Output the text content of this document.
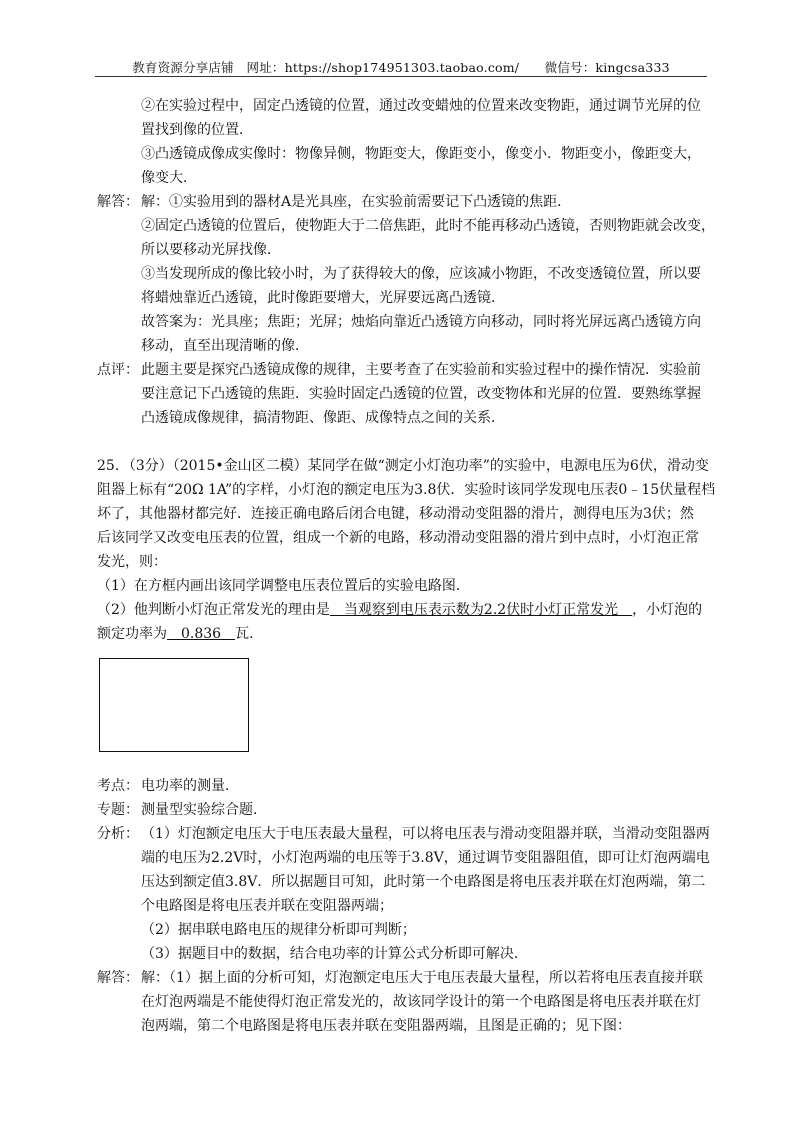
教育资源分享店铺　网址：https://shop174951303.taobao.com/　　微信号：kingcsa333
②在实验过程中，固定凸透镜的位置，通过改变蜡烛的位置来改变物距，通过调节光屏的位
置找到像的位置．
③凸透镜成像成实像时：物像异侧，物距变大，像距变小，像变小．物距变小，像距变大，
像变大．
解答： 解：①实验用到的器材A是光具座，在实验前需要记下凸透镜的焦距．
②固定凸透镜的位置后，使物距大于二倍焦距，此时不能再移动凸透镜，否则物距就会改变，
所以要移动光屏找像．
③当发现所成的像比较小时，为了获得较大的像，应该减小物距，不改变透镜位置，所以要
将蜡烛靠近凸透镜，此时像距要增大，光屏要远离凸透镜．
故答案为：光具座；焦距；光屏；烛焰向靠近凸透镜方向移动，同时将光屏远离凸透镜方向
移动，直至出现清晰的像．
点评： 此题主要是探究凸透镜成像的规律，主要考查了在实验前和实验过程中的操作情况．实验前
要注意记下凸透镜的焦距．实验时固定凸透镜的位置，改变物体和光屏的位置．要熟练掌握
凸透镜成像规律，搞清物距、像距、成像特点之间的关系．
25．（3分）（2015•金山区二模）某同学在做“测定小灯泡功率”的实验中，电源电压为6伏，滑动变
阻器上标有“20Ω 1A”的字样，小灯泡的额定电压为3.8伏．实验时该同学发现电压表0﹣15伏量程档
坏了，其他器材都完好．连接正确电路后闭合电键，移动滑动变阻器的滑片，测得电压为3伏；然
后该同学又改变电压表的位置，组成一个新的电路，移动滑动变阻器的滑片到中点时，小灯泡正常
发光，则：
（1）在方框内画出该同学调整电压表位置后的实验电路图．
（2）他判断小灯泡正常发光的理由是　当观察到电压表示数为2.2伏时小灯正常发光　，小灯泡的
额定功率为　0.836　瓦．
考点： 电功率的测量．
专题： 测量型实验综合题．
分析： （1）灯泡额定电压大于电压表最大量程，可以将电压表与滑动变阻器并联，当滑动变阻器两
端的电压为2.2V时，小灯泡两端的电压等于3.8V，通过调节变阻器阻值，即可让灯泡两端电
压达到额定值3.8V．所以据题目可知，此时第一个电路图是将电压表并联在灯泡两端，第二
个电路图是将电压表并联在变阻器两端；
（2）据串联电路电压的规律分析即可判断；
（3）据题目中的数据，结合电功率的计算公式分析即可解决．
解答： 解：（1）据上面的分析可知，灯泡额定电压大于电压表最大量程，所以若将电压表直接并联
在灯泡两端是不能使得灯泡正常发光的，故该同学设计的第一个电路图是将电压表并联在灯
泡两端，第二个电路图是将电压表并联在变阻器两端，且图是正确的；见下图：
